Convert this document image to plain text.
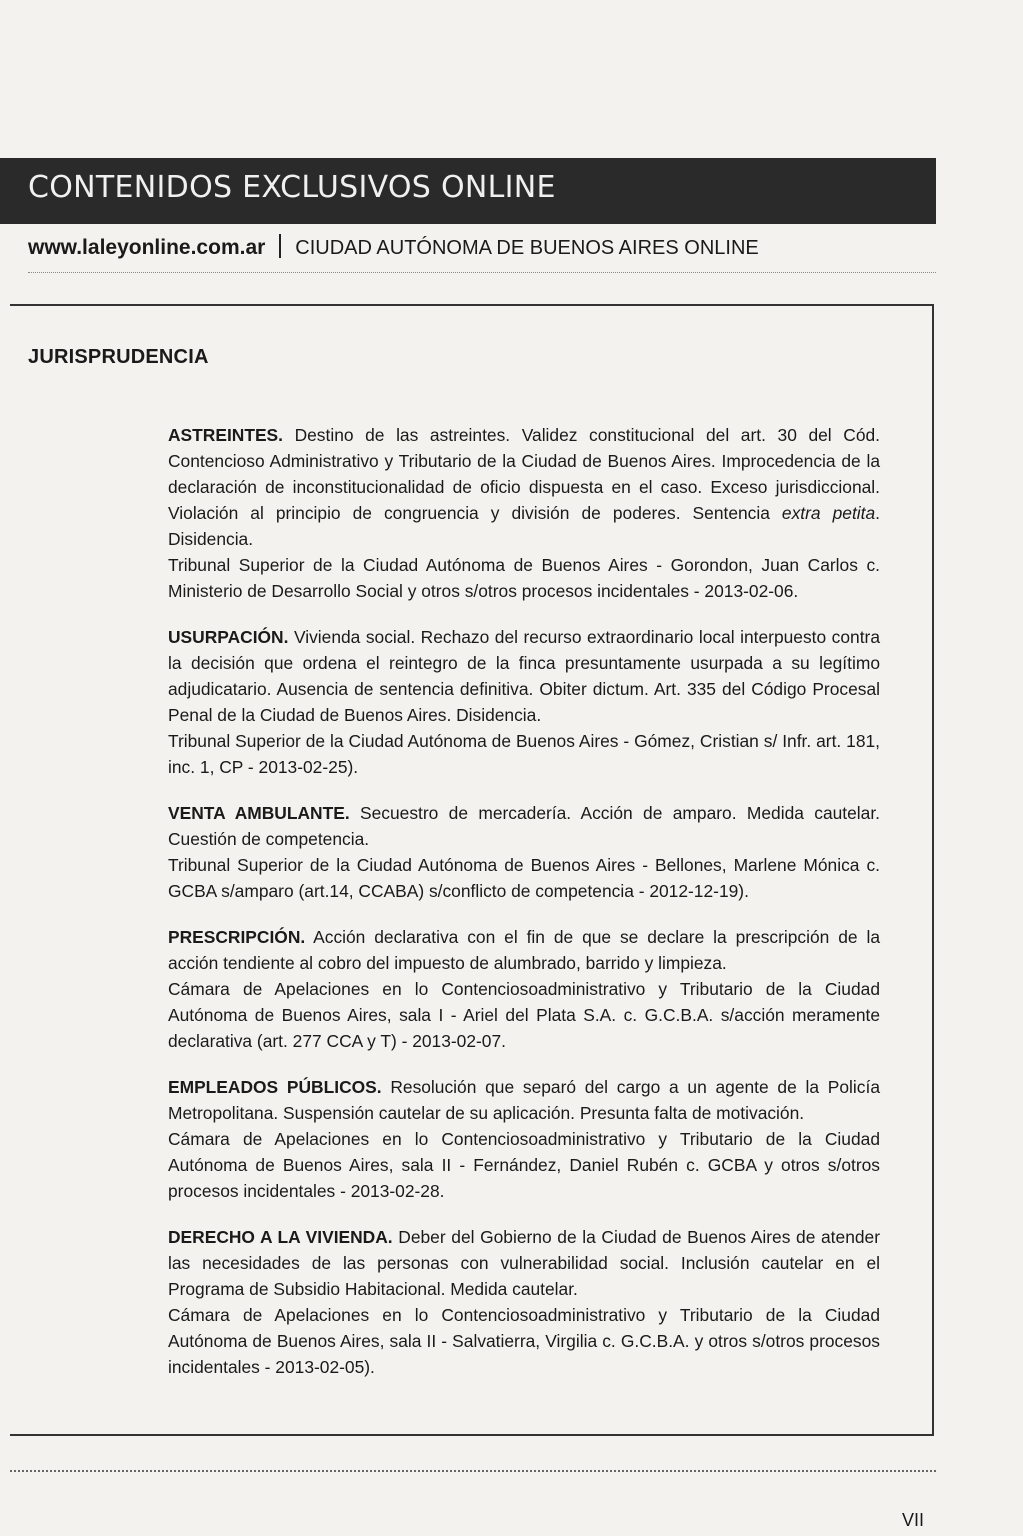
CONTENIDOS EXCLUSIVOS ONLINE
www.laleyonline.com.ar CIUDAD AUTÓNOMA DE BUENOS AIRES ONLINE
JURISPRUDENCIA

ASTREINTES. Destino de las astreintes. Validez constitucional del art. 30 del Cód. Contencioso Administrativo y Tributario de la Ciudad de Buenos Aires. Improcedencia de la declaración de inconstitucionalidad de oficio dispuesta en el caso. Exceso jurisdiccional. Violación al principio de congruencia y división de poderes. Sentencia extra petita. Disidencia.

Tribunal Superior de la Ciudad Autónoma de Buenos Aires - Gorondon, Juan Carlos c. Ministerio de Desarrollo Social y otros s/otros procesos incidentales - 2013-02-06.

USURPACIÓN. Vivienda social. Rechazo del recurso extraordinario local interpuesto contra la decisión que ordena el reintegro de la finca presuntamente usurpada a su legítimo adjudicatario. Ausencia de sentencia definitiva. Obiter dictum. Art. 335 del Código Procesal Penal de la Ciudad de Buenos Aires. Disidencia.

Tribunal Superior de la Ciudad Autónoma de Buenos Aires - Gómez, Cristian s/ Infr. art. 181, inc. 1, CP - 2013-02-25).

VENTA AMBULANTE. Secuestro de mercadería. Acción de amparo. Medida cautelar. Cuestión de competencia.

Tribunal Superior de la Ciudad Autónoma de Buenos Aires - Bellones, Marlene Mónica c. GCBA s/amparo (art.14, CCABA) s/conflicto de competencia - 2012-12-19).

PRESCRIPCIÓN. Acción declarativa con el fin de que se declare la prescripción de la acción tendiente al cobro del impuesto de alumbrado, barrido y limpieza.

Cámara de Apelaciones en lo Contenciosoadministrativo y Tributario de la Ciudad Autónoma de Buenos Aires, sala I - Ariel del Plata S.A. c. G.C.B.A. s/acción meramente declarativa (art. 277 CCA y T) - 2013-02-07.

EMPLEADOS PÚBLICOS. Resolución que separó del cargo a un agente de la Policía Metropolitana. Suspensión cautelar de su aplicación. Presunta falta de motivación.

Cámara de Apelaciones en lo Contenciosoadministrativo y Tributario de la Ciudad Autónoma de Buenos Aires, sala II - Fernández, Daniel Rubén c. GCBA y otros s/otros procesos incidentales - 2013-02-28.

DERECHO A LA VIVIENDA. Deber del Gobierno de la Ciudad de Buenos Aires de atender las necesidades de las personas con vulnerabilidad social. Inclusión cautelar en el Programa de Subsidio Habitacional. Medida cautelar.

Cámara de Apelaciones en lo Contenciosoadministrativo y Tributario de la Ciudad Autónoma de Buenos Aires, sala II - Salvatierra, Virgilia c. G.C.B.A. y otros s/otros procesos incidentales - 2013-02-05).

VII
